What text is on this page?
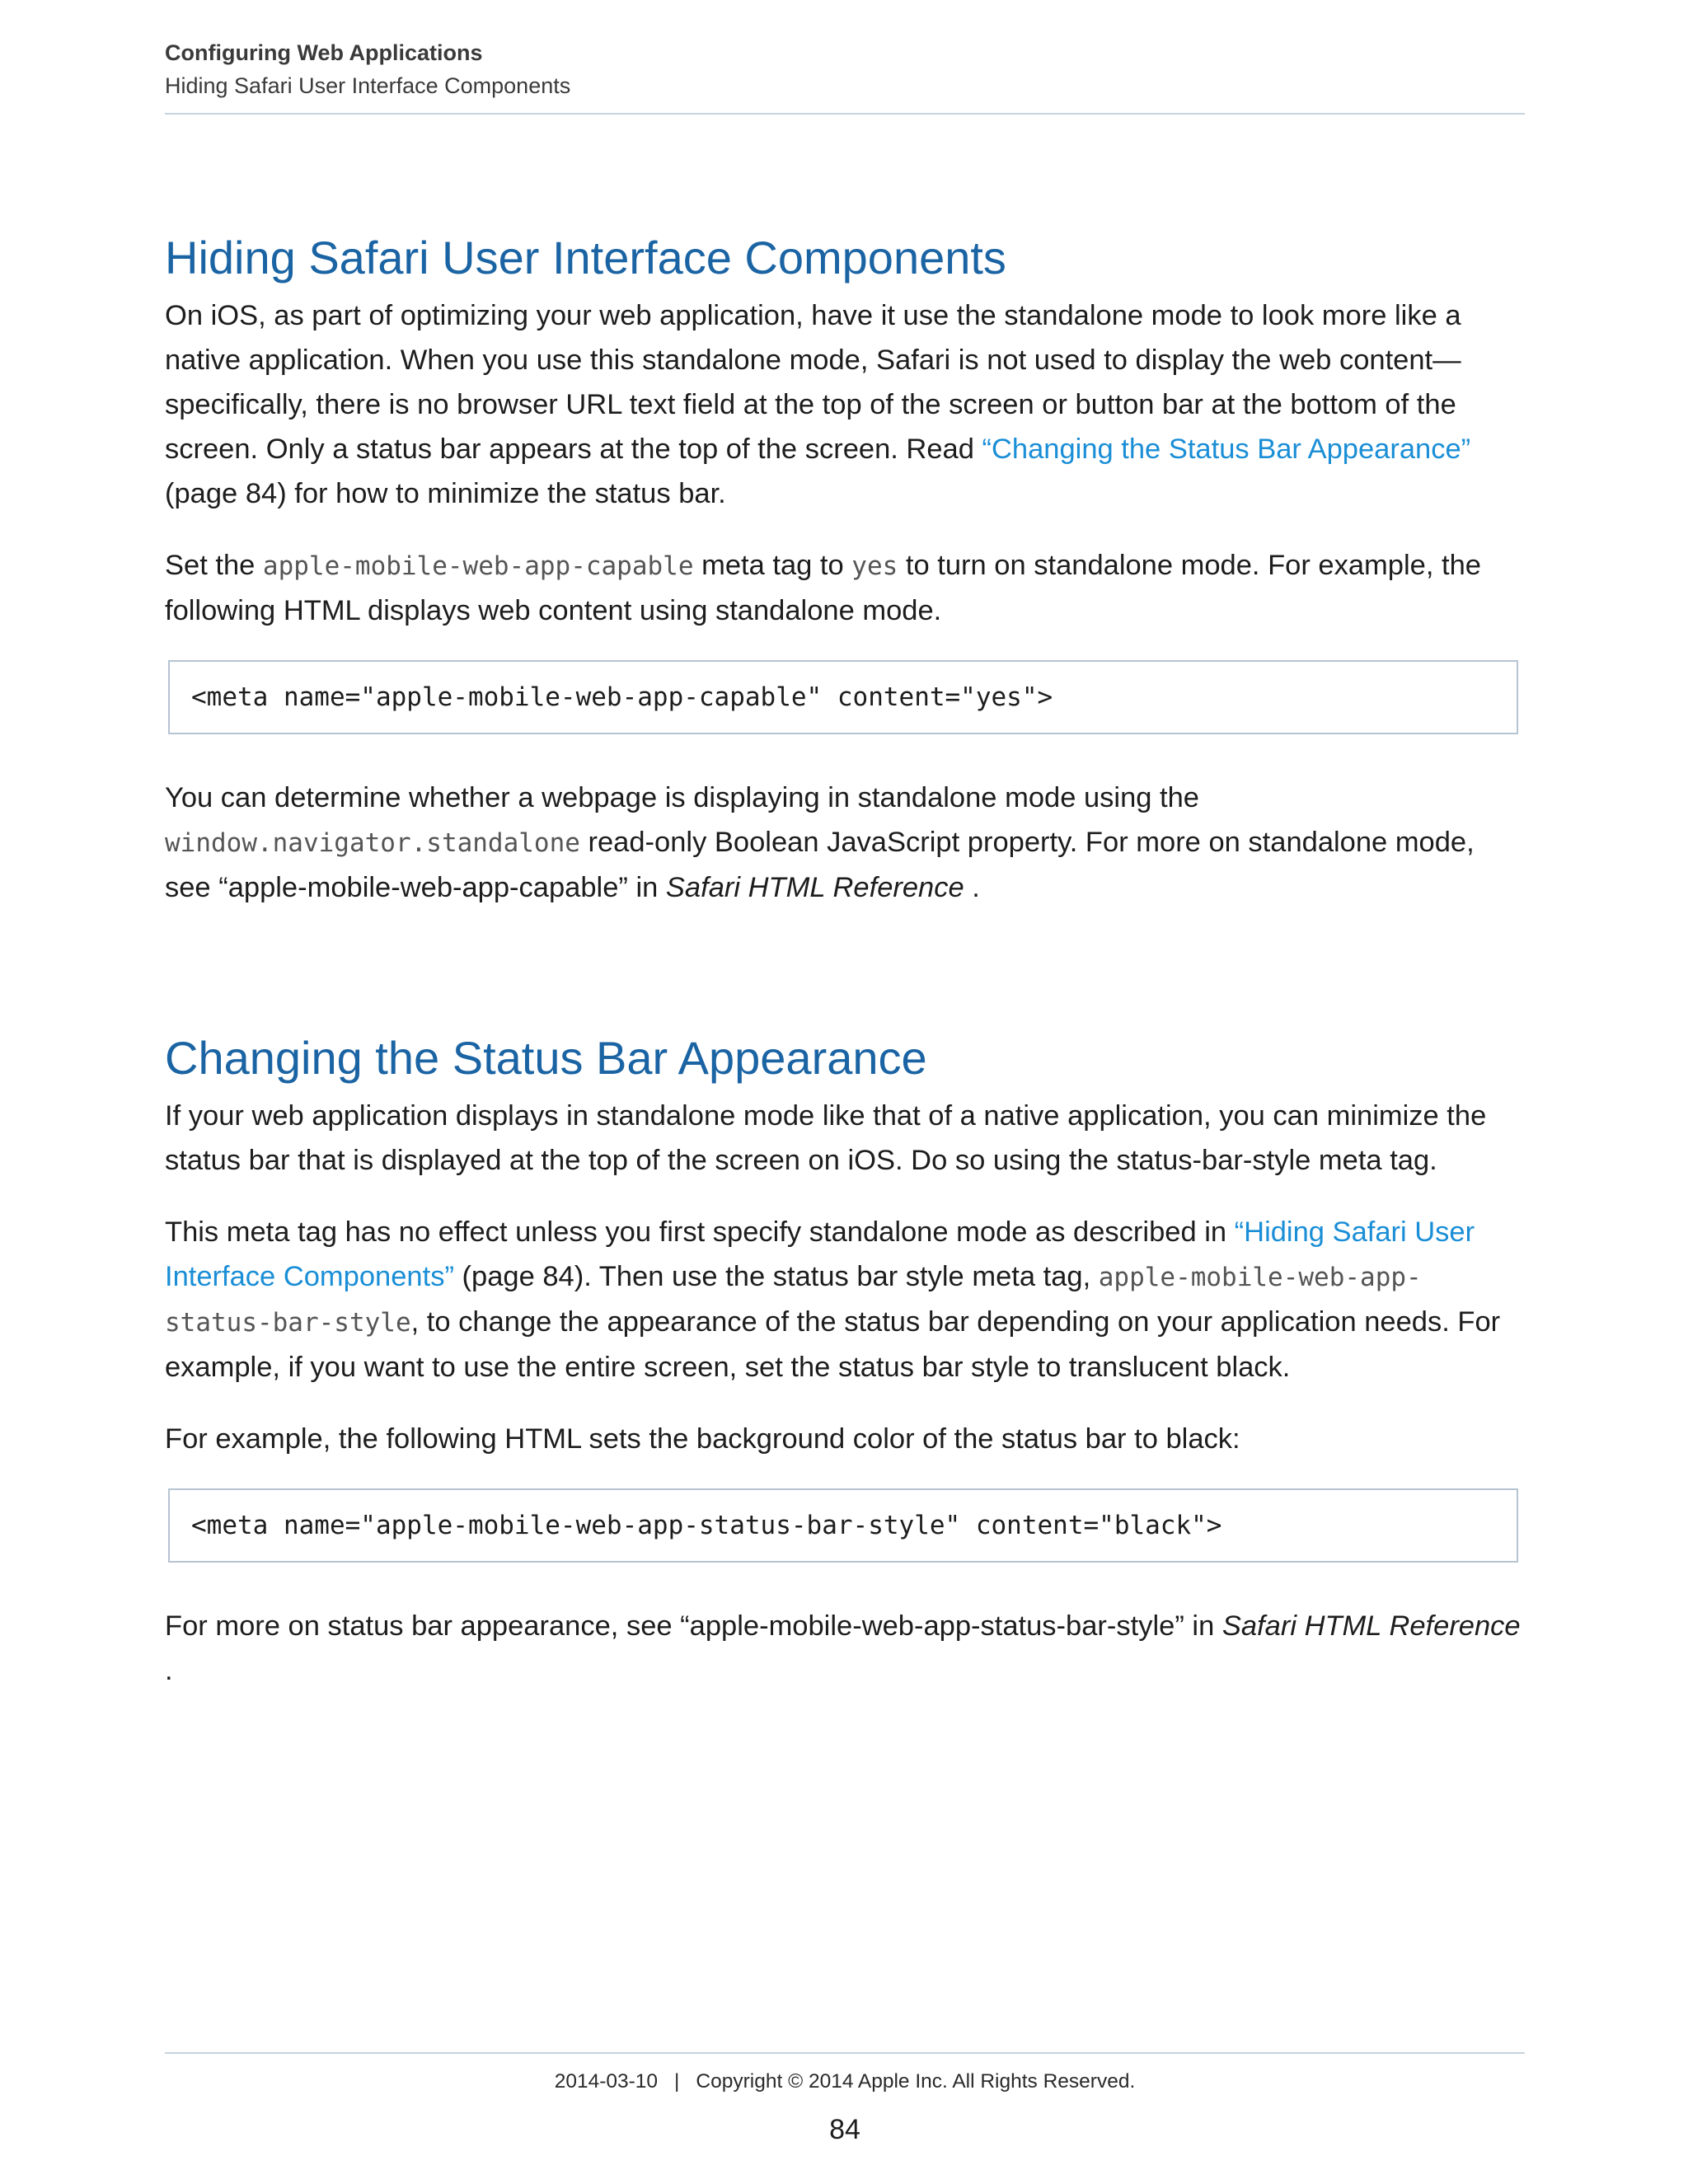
Configuring Web Applications
Hiding Safari User Interface Components
Hiding Safari User Interface Components

On iOS, as part of optimizing your web application, have it use the standalone mode to look more like a native application. When you use this standalone mode, Safari is not used to display the web content—specifically, there is no browser URL text field at the top of the screen or button bar at the bottom of the screen. Only a status bar appears at the top of the screen. Read “Changing the Status Bar Appearance” (page 84) for how to minimize the status bar.

Set the apple-mobile-web-app-capable meta tag to yes to turn on standalone mode. For example, the following HTML displays web content using standalone mode.

<meta name="apple-mobile-web-app-capable" content="yes">

You can determine whether a webpage is displaying in standalone mode using the window.navigator.standalone read-only Boolean JavaScript property. For more on standalone mode, see “apple-mobile-web-app-capable” in Safari HTML Reference .

Changing the Status Bar Appearance

If your web application displays in standalone mode like that of a native application, you can minimize the status bar that is displayed at the top of the screen on iOS. Do so using the status-bar-style meta tag.

This meta tag has no effect unless you first specify standalone mode as described in “Hiding Safari User Interface Components” (page 84). Then use the status bar style meta tag, apple-mobile-web-app-status-bar-style, to change the appearance of the status bar depending on your application needs. For example, if you want to use the entire screen, set the status bar style to translucent black.

For example, the following HTML sets the background color of the status bar to black:

<meta name="apple-mobile-web-app-status-bar-style" content="black">

For more on status bar appearance, see “apple-mobile-web-app-status-bar-style” in Safari HTML Reference .

2014-03-10 | Copyright © 2014 Apple Inc. All Rights Reserved.
84
